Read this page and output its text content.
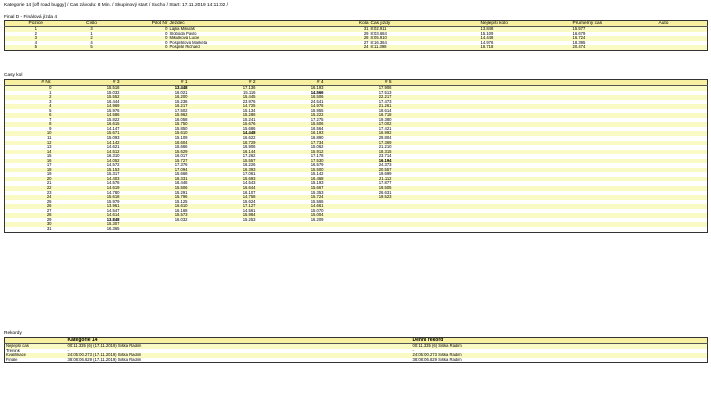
Kategorie 14 [off road buggy] / Cas závodu: 8 Min. / Skupinový start / Sucho / Start: 17.11.2019 14:11:02 /
Final D - Finálová jízda 4
Pozice	Číslo	Pilot Nr	Jezdec	Kola	Cas jízdy	Nejlepší kolo	Prumerný cas	Auto
1	3	0	Lajka Mikuláš	31	8:02.911	13.848	15.577	
2	1	0	Sloboda Pavlo	29	8:03.684	15.109	16.679	
3	2	0	Mikulková Lucie	28	8:05.910	14.448	16.724	
4	4	0	Pospíšilová Markéta	27	8:16.364	14.976	18.395	
5	5	0	Pospíšil Richard	24	8:11.398	16.718	20.474	
Casy kol
# Nr.	# 3	# 1	# 2	# 4	# 5	
0	15.516	13.448	17.136	16.193	17.906	
1	15.032	16.021	15.116	14.566	17.513	
2	15.552	16.200	15.445	16.506	22.217	
3	16.444	15.236	23.976	24.541	17.473	
4	14.969	16.217	14.725	14.976	21.261	
5	15.976	17.502	15.134	15.955	18.614	
6	14.586	15.962	15.286	15.222	16.718	
7	15.822	16.058	15.241	17.275	19.380	
8	16.615	15.750	15.676	15.506	17.002	
9	14.147	15.850	15.686	16.564	17.421	
10	15.671	15.610	14.448	16.193	16.992	
11	15.093	15.109	16.622	16.890	29.804	
12	14.142	16.604	16.729	17.734	17.369	
13	14.621	15.666	16.906	15.062	21.210	
14	14.512	15.629	16.144	15.912	18.315	
15	16.310	16.017	17.262	17.178	23.714	
16	14.052	15.727	15.557	17.530	16.194	
17	14.572	17.376	16.226	16.579	24.373	
18	15.153	17.094	16.393	15.500	20.557	
19	15.317	15.668	17.061	15.142	19.699	
20	14.403	16.331	15.693	16.468	21.112	
21	14.576	16.446	14.543	15.193	17.877	
22	14.619	15.506	16.644	15.667	19.505	
23	14.780	15.291	16.107	15.353	26.631	
24	15.618	15.796	14.758	15.724	19.523	
25	15.979	15.125	15.624	15.566		
26	13.961	16.610	17.127	14.661		
27	14.547	16.168	14.561	15.070		
28	14.614	15.573	15.984	15.004		
29	13.848	16.032	15.253	16.209		
30	15.307					
31	16.365					
Rekordy
	Kategorie 14	Denní rekord
Nejlepší cas	00:11.335 (6) (17.11.2019) Šiška Radim	00:11.335 (6) Šiška Radim
Trénink	-	-
Kvalifikace	24:05:00.273 (17.11.2019) Šiška Radim	24:05:00.273 Šiška Radim
Finále	38:08:06.629 (17.11.2019) Šiška Radim	38:08:06.629 Šiška Radim
